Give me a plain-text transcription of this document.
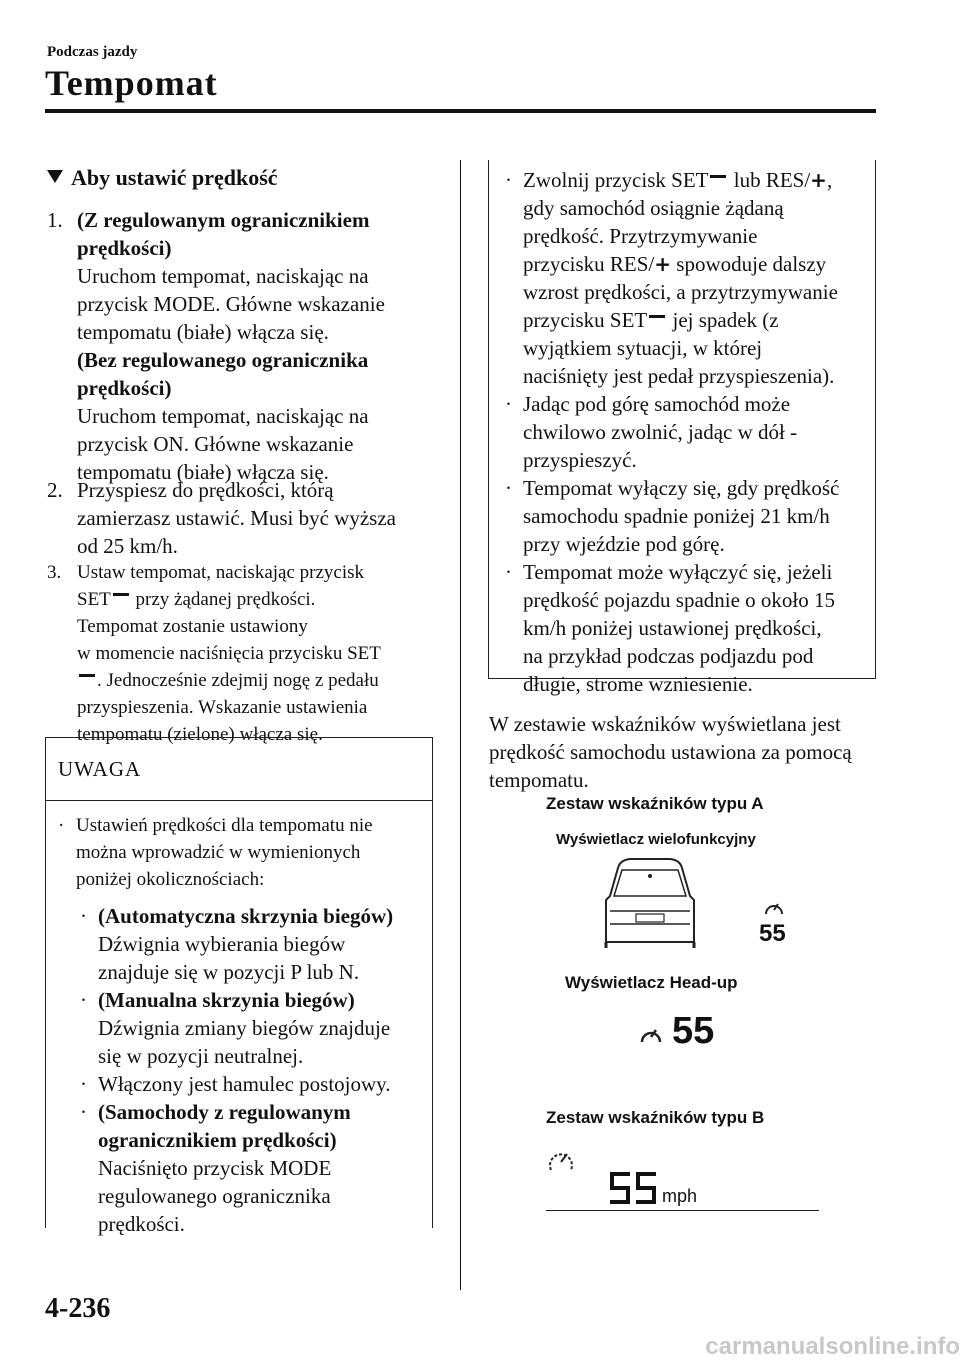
Podczas jazdy
Tempomat
Aby ustawić prędkość
1. (Z regulowanym ogranicznikiem
prędkości)
Uruchom tempomat, naciskając na
przycisk MODE. Główne wskazanie
tempomatu (białe) włącza się.
(Bez regulowanego ogranicznika
prędkości)
Uruchom tempomat, naciskając na
przycisk ON. Główne wskazanie
tempomatu (białe) włącza się.
2. Przyspiesz do prędkości, którą
zamierzasz ustawić. Musi być wyższa
od 25 km/h.
3. Ustaw tempomat, naciskając przycisk
SET przy żądanej prędkości.
Tempomat zostanie ustawiony
w momencie naciśnięcia przycisku SET
. Jednocześnie zdejmij nogę z pedału
przyspieszenia. Wskazanie ustawienia
tempomatu (zielone) włącza się.
UWAGA
· Ustawień prędkości dla tempomatu nie
można wprowadzić w wymienionych
poniżej okolicznościach:
· (Automatyczna skrzynia biegów)
Dźwignia wybierania biegów
znajduje się w pozycji P lub N.
· (Manualna skrzynia biegów)
Dźwignia zmiany biegów znajduje
się w pozycji neutralnej.
· Włączony jest hamulec postojowy.
· (Samochody z regulowanym
ogranicznikiem prędkości)
Naciśnięto przycisk MODE
regulowanego ogranicznika
prędkości.
· Zwolnij przycisk SET lub RES/+,
gdy samochód osiągnie żądaną
prędkość. Przytrzymywanie
przycisku RES/+ spowoduje dalszy
wzrost prędkości, a przytrzymywanie
przycisku SET jej spadek (z
wyjątkiem sytuacji, w której
naciśnięty jest pedał przyspieszenia).
· Jadąc pod górę samochód może
chwilowo zwolnić, jadąc w dół -
przyspieszyć.
· Tempomat wyłączy się, gdy prędkość
samochodu spadnie poniżej 21 km/h
przy wjeździe pod górę.
· Tempomat może wyłączyć się, jeżeli
prędkość pojazdu spadnie o około 15
km/h poniżej ustawionej prędkości,
na przykład podczas podjazdu pod
długie, strome wzniesienie.
W zestawie wskaźników wyświetlana jest
prędkość samochodu ustawiona za pomocą
tempomatu.
Zestaw wskaźników typu A
Wyświetlacz wielofunkcyjny
55
Wyświetlacz Head-up
55
Zestaw wskaźników typu B
mph
4-236
carmanualsonline.info
